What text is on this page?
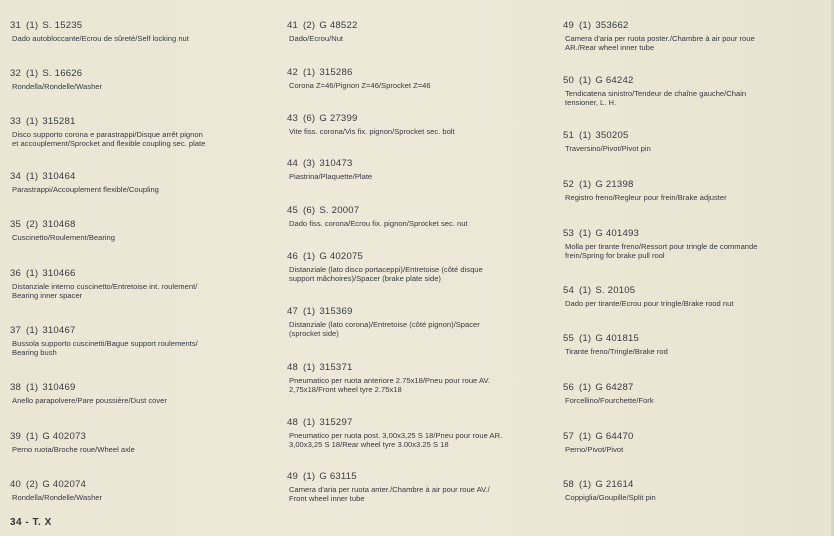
31 (1) S. 15235
Dado autobloccante/Ecrou de sûreté/Self locking nut
32 (1) S. 16626
Rondella/Rondelle/Washer
33 (1) 315281
Disco supporto corona e parastrappi/Disque arrêt pignon
et accouplement/Sprocket and flexible coupling sec. plate
34 (1) 310464
Parastrappi/Accouplement flexible/Coupling
35 (2) 310468
Cuscinetto/Roulement/Bearing
36 (1) 310466
Distanziale interno cuscinetto/Entretoise int. roulement/
Bearing inner spacer
37 (1) 310467
Bussola supporto cuscinetti/Bague support roulements/
Bearing bush
38 (1) 310469
Anello parapolvere/Pare poussière/Dust cover
39 (1) G 402073
Perno ruota/Broche roue/Wheel axle
40 (2) G 402074
Rondella/Rondelle/Washer
41 (2) G 48522
Dado/Ecrou/Nut
42 (1) 315286
Corona Z=46/Pignon Z=46/Sprocket Z=46
43 (6) G 27399
Vite fiss. corona/Vis fix. pignon/Sprocket sec. bolt
44 (3) 310473
Piastrina/Plaquette/Plate
45 (6) S. 20007
Dado fiss. corona/Ecrou fix. pignon/Sprocket sec. nut
46 (1) G 402075
Distanziale (lato disco portaceppi)/Entretoise (côté disque
support mâchoires)/Spacer (brake plate side)
47 (1) 315369
Distanziale (lato corona)/Entretoise (côté pignon)/Spacer
(sprocket side)
48 (1) 315371
Pneumatico per ruota anteriore 2.75x18/Pneu pour roue AV.
2,75x18/Front wheel tyre 2.75x18
48 (1) 315297
Pneumatico per ruota post. 3,00x3,25 S 18/Pneu pour roue AR.
3,00x3,25 S 18/Rear wheel tyre 3.00x3.25 S 18
49 (1) G 63115
Camera d'aria per ruota anter./Chambre à air pour roue AV./
Front wheel inner tube
49 (1) 353662
Camera d'aria per ruota poster./Chambre à air pour roue
AR./Rear wheel inner tube
50 (1) G 64242
Tendicatena sinistro/Tendeur de chaîne gauche/Chain
tensioner, L. H.
51 (1) 350205
Traversino/Pivot/Pivot pin
52 (1) G 21398
Registro freno/Regleur pour frein/Brake adjuster
53 (1) G 401493
Molla per tirante freno/Ressort pour tringle de commande
frein/Spring for brake pull rool
54 (1) S. 20105
Dado per tirante/Ecrou pour tringle/Brake rood nut
55 (1) G 401815
Tirante freno/Tringle/Brake rod
56 (1) G 64287
Forcellino/Fourchette/Fork
57 (1) G 64470
Perno/Pivot/Pivot
58 (1) G 21614
Coppiglia/Goupille/Split pin
34 - T. X
